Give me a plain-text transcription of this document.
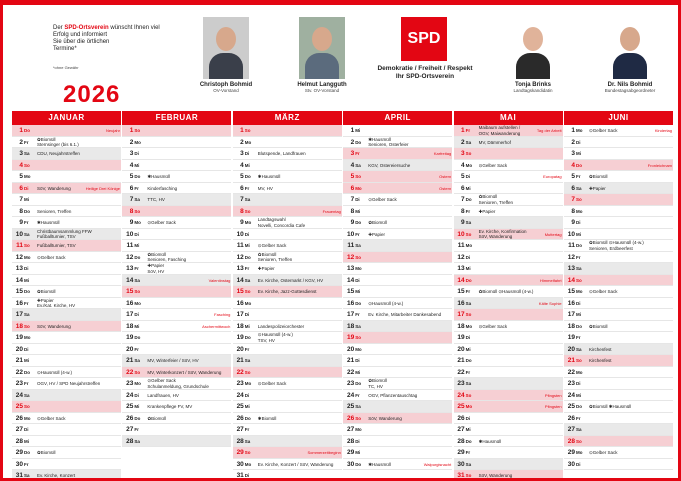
Der SPD-Ortsverein wünscht Ihnen viel
Erfolg und informiert
Sie über die örtlichen
Termine*
*ohne Gewähr
2026	Christoph Bohmid
OV-Vorstand
Helmut Langguth
Stv. OV-Vorstand
SPD
Demokratie / Freiheit / Respekt
Ihr SPD-Ortsverein
Tonja Brinks
Landtagskandidatin
Dr. Nils Bohmid
Bundestagsabgeordneter
JANUAR
1 Do	Neujahr
2 Fr
✿Biomüll
Sternsinger (bis 6.1.)
3 Sa CDU, Neujahrstreffen
4 So
5 Mo
6 Di SöV, Wanderung	Heilige Drei Könige
7 Mi
8 Do Senioren, Treffen
9 Fr ✱Hausmüll
10 Sa
Christbaumsammlung FFW
Fußballturnier, TSV
11 So Fußballturnier, TSV
12 Mo ⊙Gelber Sack
13 Di
14 Mi
15 Do ✿Biomüll
16 Fr
✚Papier
Ev./Kat. Kirche, HV
17 Sa
18 So SöV, Wanderung
19 Mo
20 Di
21 Mi
22 Do ⊙Hausmüll (4-w.)
23 Fr OGV, HV / SPD Neujahrstreffen
24 Sa
25 So
26 Mo ⊙Gelber Sack
27 Di
28 Mi
29 Do ✿Biomüll
30 Fr
31 Sa Ev. Kirche, Konzert
FEBRUAR
1 So
2 Mo
3 Di
4 Mi
5 Do ✱Hausmüll
6 Fr Kinderfasching
7 Sa TTC, HV
8 So
9 Mo ⊙Gelber Sack
10 Di
11 Mi
12 Do
✿Biomüll
Senioren, Fasching
13 Fr
✚Papier
SöV, HV
14 Sa	Valentinstag
15 So
16 Mo
17 Di	Fasching
18 Mi	Aschermittwoch
19 Do
20 Fr
21 Sa MV, Winterfeier / SöV, HV
22 So MV, Winterkonzert / SöV, Wanderung
23 Mo
⊙Gelber Sack
Schulanmeldung, Grundschule
24 Di Landfrauen, HV
25 Mi Krankenpflege FV, MV
26 Do ✿Biomüll
27 Fr
28 Sa
MÄRZ
1 So
2 Mo
3 Di Blutspende, Landfrauen
4 Mi
5 Do ✱Hausmüll
6 Fr MV, HV
7 Sa
8 So	Frauentag
9 Mo
Landtagswahl
Novelli, Concordia Cafe
10 Di
11 Mi ⊙Gelber Sack
12 Do
✿Biomüll
Senioren, Treffen
13 Fr ✚Papier
14 Sa Ev. Kirche, Osternarkt / KGV, HV
15 So Ev. Kirche, Jazz-Gottesdienst
16 Mo
17 Di
18 Mi Landespolizeiorchester
19 Do
⊙Hausmüll (4-w.)
TSV, HV
20 Fr
21 Sa
22 So
23 Mo ⊙Gelber Sack
24 Di
25 Mi
26 Do ✱Biomüll
27 Fr
28 Sa
29 So	Sommerzeitbeginn
30 Mo Ev. Kirche, Konzert / SöV, Wanderung
31 Di
APRIL
1 Mi
2 Do
✱Hausmüll
Senioren, Osterfeier
3 Fr	Karfreitag
4 Sa KGV, Ostereiersuche
5 So	Ostern
6 Mo	Ostern
7 Di ⊙Gelber Sack
8 Mi
9 Do ✿Biomüll
10 Fr ✚Papier
11 Sa
12 So
13 Mo
14 Di
15 Mi
16 Do ⊙Hausmüll (4-w.)
17 Fr Ev. Kirche, Mitarbeiter Dankesabend
18 Sa
19 So
20 Mo
21 Di
22 Mi
23 Do
✿Biomüll
TC, HV
24 Fr OGV, Pflanzentauschtag
25 Sa
26 So SöV, Wanderung
27 Mo
28 Di
29 Mi
30 Do ✱Hausmüll	Walpurgisnacht
MAI
1 Fr
Maibaum aufstellen /
OGV, Maiwanderung	Tag der Arbeit
2 Sa MV, Dämmerhof
3 So
4 Mo ⊙Gelber Sack
5 Di	Europatag
6 Mi
7 Do
✿Biomüll
Senioren, Treffen
8 Fr ✚Papier
9 Sa
10 So
Ev. Kirche, Konfirmation
SöV, Wanderung	Muttertag
11 Mo
12 Di
13 Mi
14 Do	Himmelfahrt
15 Fr ✿Biomüll ⊙Hausmüll (4-w.)
16 Sa	Kälte Sophie
17 So
18 Mo ⊙Gelber Sack
19 Di
20 Mi
21 Do
22 Fr
23 Sa
24 So	Pfingsten
25 Mo	Pfingsten
26 Di
27 Mi
28 Do ✱Hausmüll
29 Fr
30 Sa
31 So SöV, Wanderung
JUNI
1 Mo ⊙Gelber Sack	Kindertag
2 Di
3 Mi
4 Do	Fronleichnam
5 Fr ✿Biomüll
6 Sa ✚Papier
7 So
8 Mo
9 Di
10 Mi
11 Do
✿Biomüll ⊙Hausmüll (4-w.)
Senioren, Erdbeerfest
12 Fr
13 Sa
14 So
15 Mo ⊙Gelber Sack
16 Di
17 Mi
18 Do ✿Biomüll
19 Fr
20 Sa Kirchenfest
21 So Kirchenfest
22 Mo
23 Di
24 Mi
25 Do ✿Biomüll ✱Hausmüll
26 Fr
27 Sa
28 So
29 Mo ⊙Gelber Sack
30 Di
